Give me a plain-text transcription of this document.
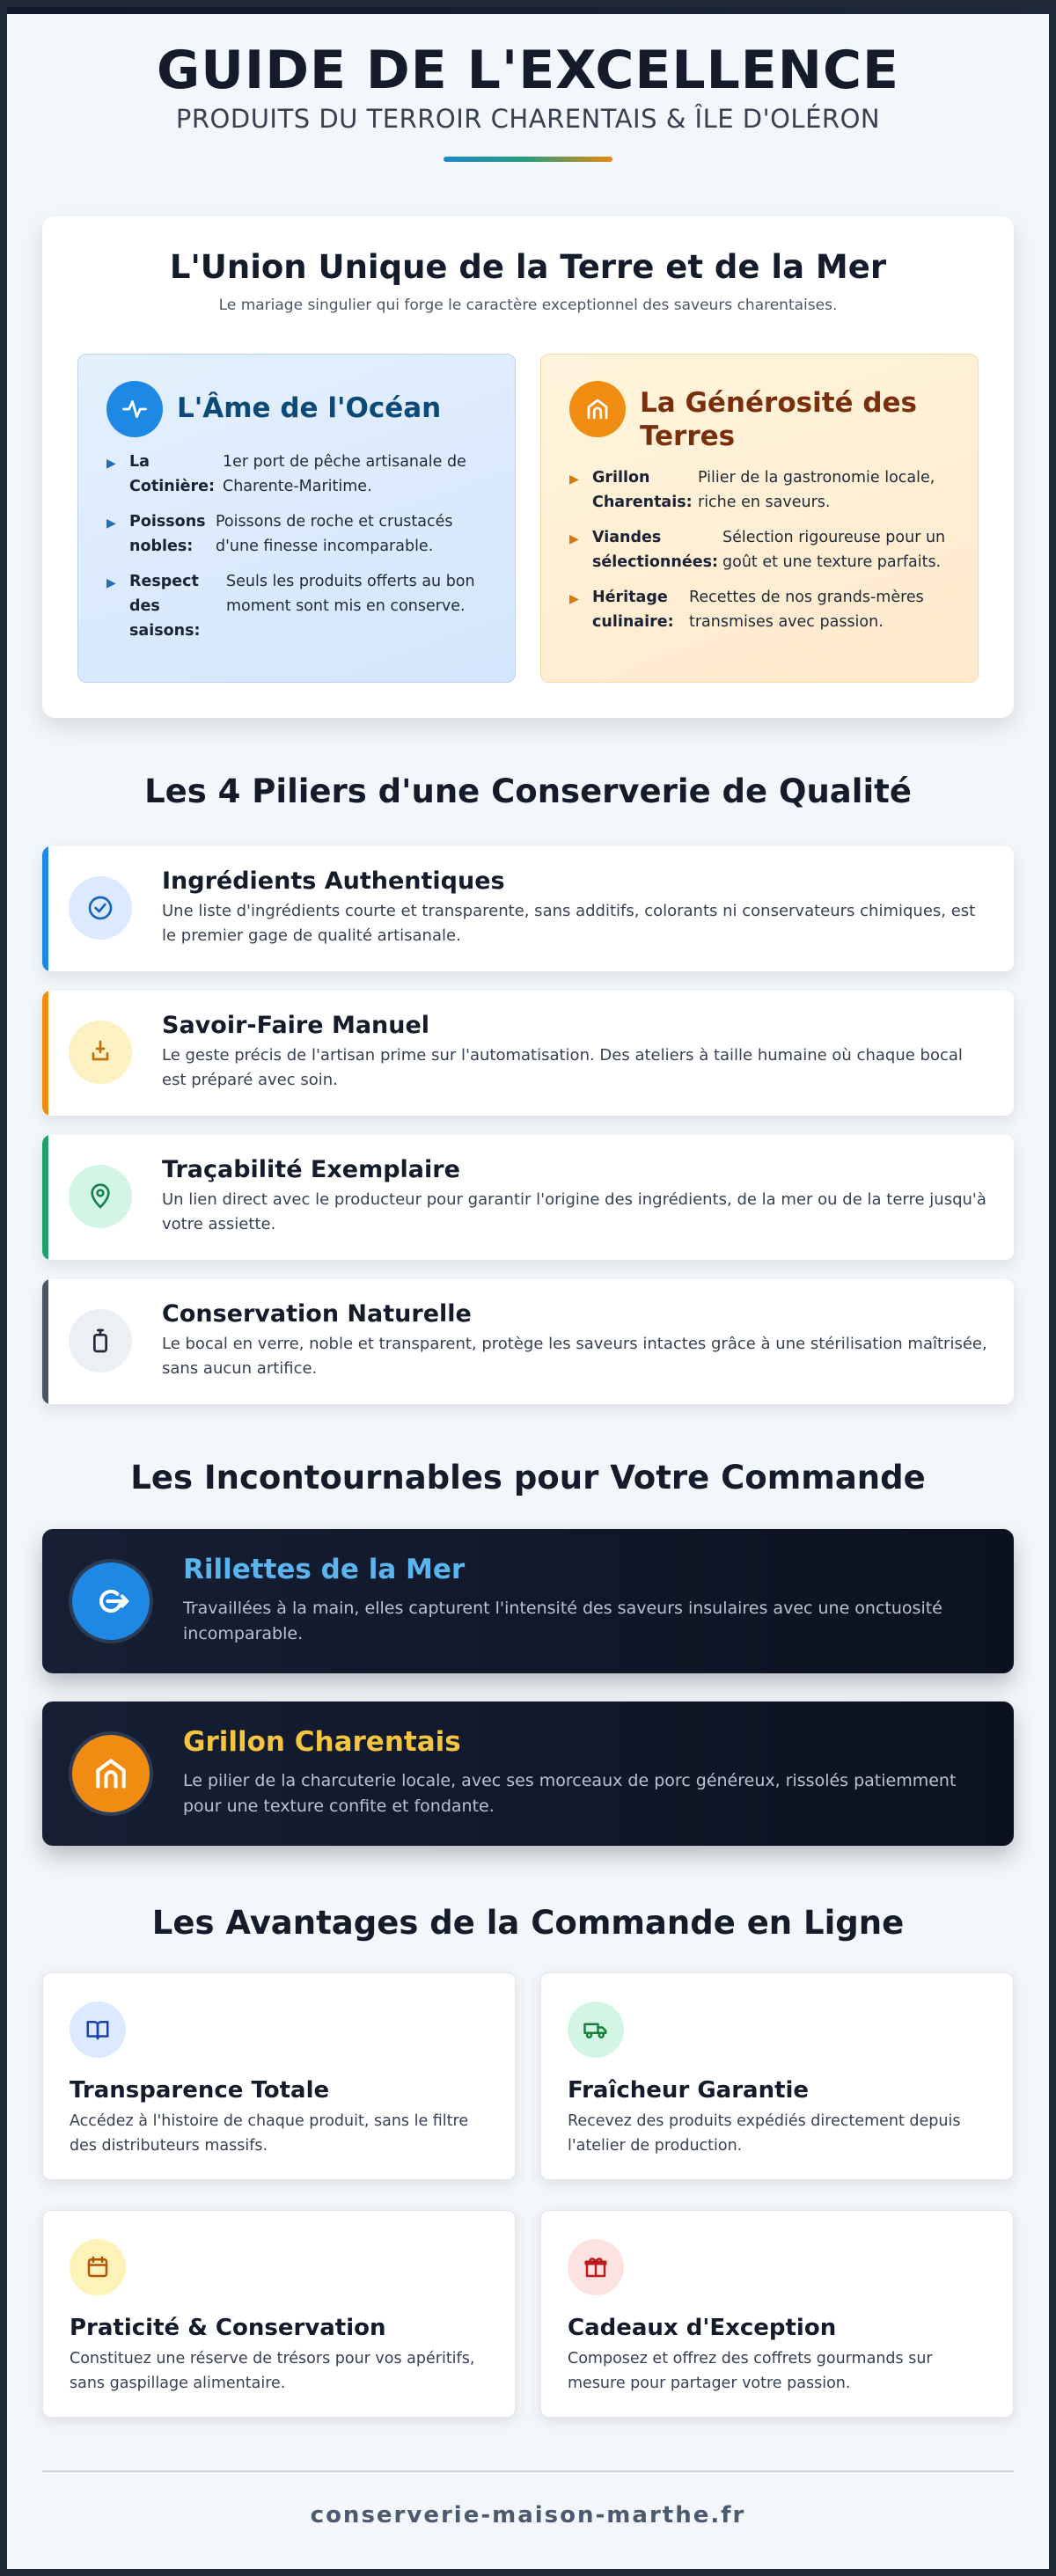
GUIDE DE L'EXCELLENCE
PRODUITS DU TERROIR CHARENTAIS & ÎLE D'OLÉRON
L'Union Unique de la Terre et de la Mer
Le mariage singulier qui forge le caractère exceptionnel des saveurs charentaises.
L'Âme de l'Océan
▶ La Cotinière:
1er port de pêche artisanale de Charente-Maritime.
▶ Poissons nobles:
Poissons de roche et crustacés d'une finesse incomparable.
▶ Respect des saisons:
Seuls les produits offerts au bon moment sont mis en conserve.
La Générosité des Terres
▶ Grillon Charentais:
Pilier de la gastronomie locale, riche en saveurs.
▶ Viandes sélectionnées:
Sélection rigoureuse pour un goût et une texture parfaits.
▶ Héritage culinaire:
Recettes de nos grands-mères transmises avec passion.
Les 4 Piliers d'une Conserverie de Qualité
Ingrédients Authentiques
Une liste d'ingrédients courte et transparente, sans additifs, colorants ni conservateurs chimiques, est le premier gage de qualité artisanale.
Savoir-Faire Manuel
Le geste précis de l'artisan prime sur l'automatisation. Des ateliers à taille humaine où chaque bocal est préparé avec soin.
Traçabilité Exemplaire
Un lien direct avec le producteur pour garantir l'origine des ingrédients, de la mer ou de la terre jusqu'à votre assiette.
Conservation Naturelle
Le bocal en verre, noble et transparent, protège les saveurs intactes grâce à une stérilisation maîtrisée, sans aucun artifice.
Les Incontournables pour Votre Commande
Rillettes de la Mer
Travaillées à la main, elles capturent l'intensité des saveurs insulaires avec une onctuosité incomparable.
Grillon Charentais
Le pilier de la charcuterie locale, avec ses morceaux de porc généreux, rissolés patiemment pour une texture confite et fondante.
Les Avantages de la Commande en Ligne
Transparence Totale
Accédez à l'histoire de chaque produit, sans le filtre des distributeurs massifs.
Fraîcheur Garantie
Recevez des produits expédiés directement depuis l'atelier de production.
Praticité & Conservation
Constituez une réserve de trésors pour vos apéritifs, sans gaspillage alimentaire.
Cadeaux d'Exception
Composez et offrez des coffrets gourmands sur mesure pour partager votre passion.
conserverie-maison-marthe.fr
